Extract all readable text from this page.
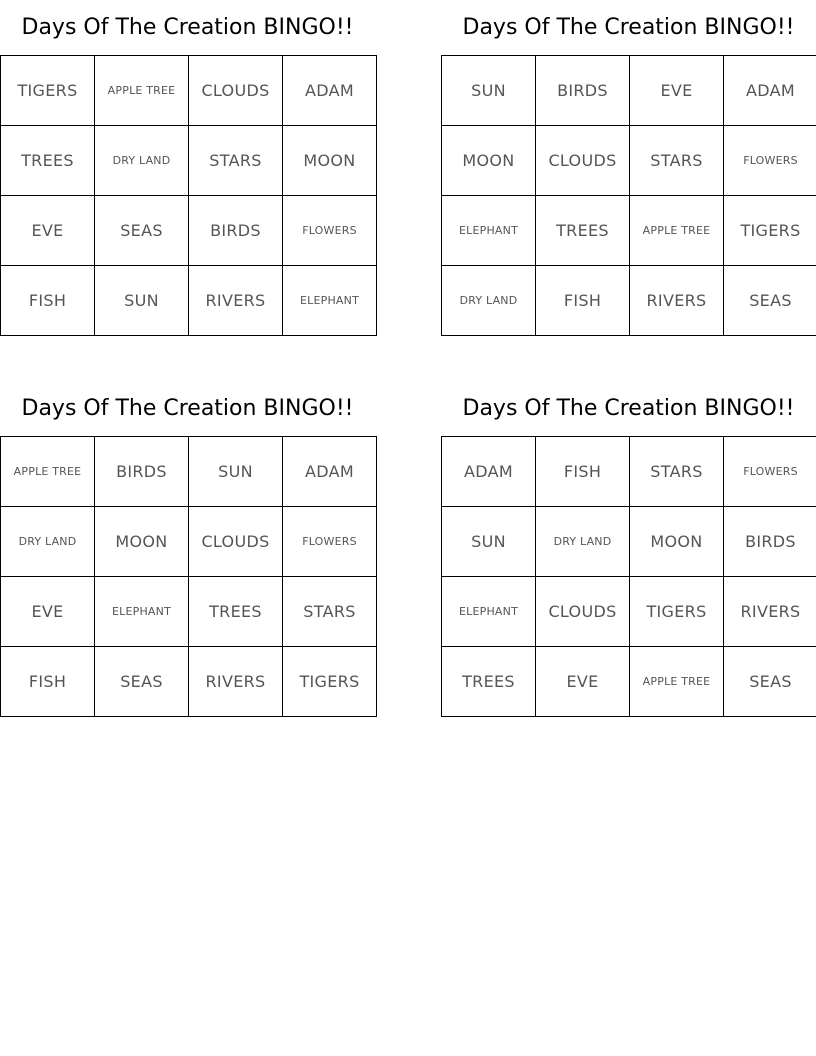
Days Of The Creation BINGO!!
TIGERS	APPLE TREE	CLOUDS	ADAM
TREES	DRY LAND	STARS	MOON
EVE	SEAS	BIRDS	FLOWERS
FISH	SUN	RIVERS	ELEPHANT
Days Of The Creation BINGO!!
SUN	BIRDS	EVE	ADAM
MOON	CLOUDS	STARS	FLOWERS
ELEPHANT	TREES	APPLE TREE	TIGERS
DRY LAND	FISH	RIVERS	SEAS
Days Of The Creation BINGO!!
APPLE TREE	BIRDS	SUN	ADAM
DRY LAND	MOON	CLOUDS	FLOWERS
EVE	ELEPHANT	TREES	STARS
FISH	SEAS	RIVERS	TIGERS
Days Of The Creation BINGO!!
ADAM	FISH	STARS	FLOWERS
SUN	DRY LAND	MOON	BIRDS
ELEPHANT	CLOUDS	TIGERS	RIVERS
TREES	EVE	APPLE TREE	SEAS
